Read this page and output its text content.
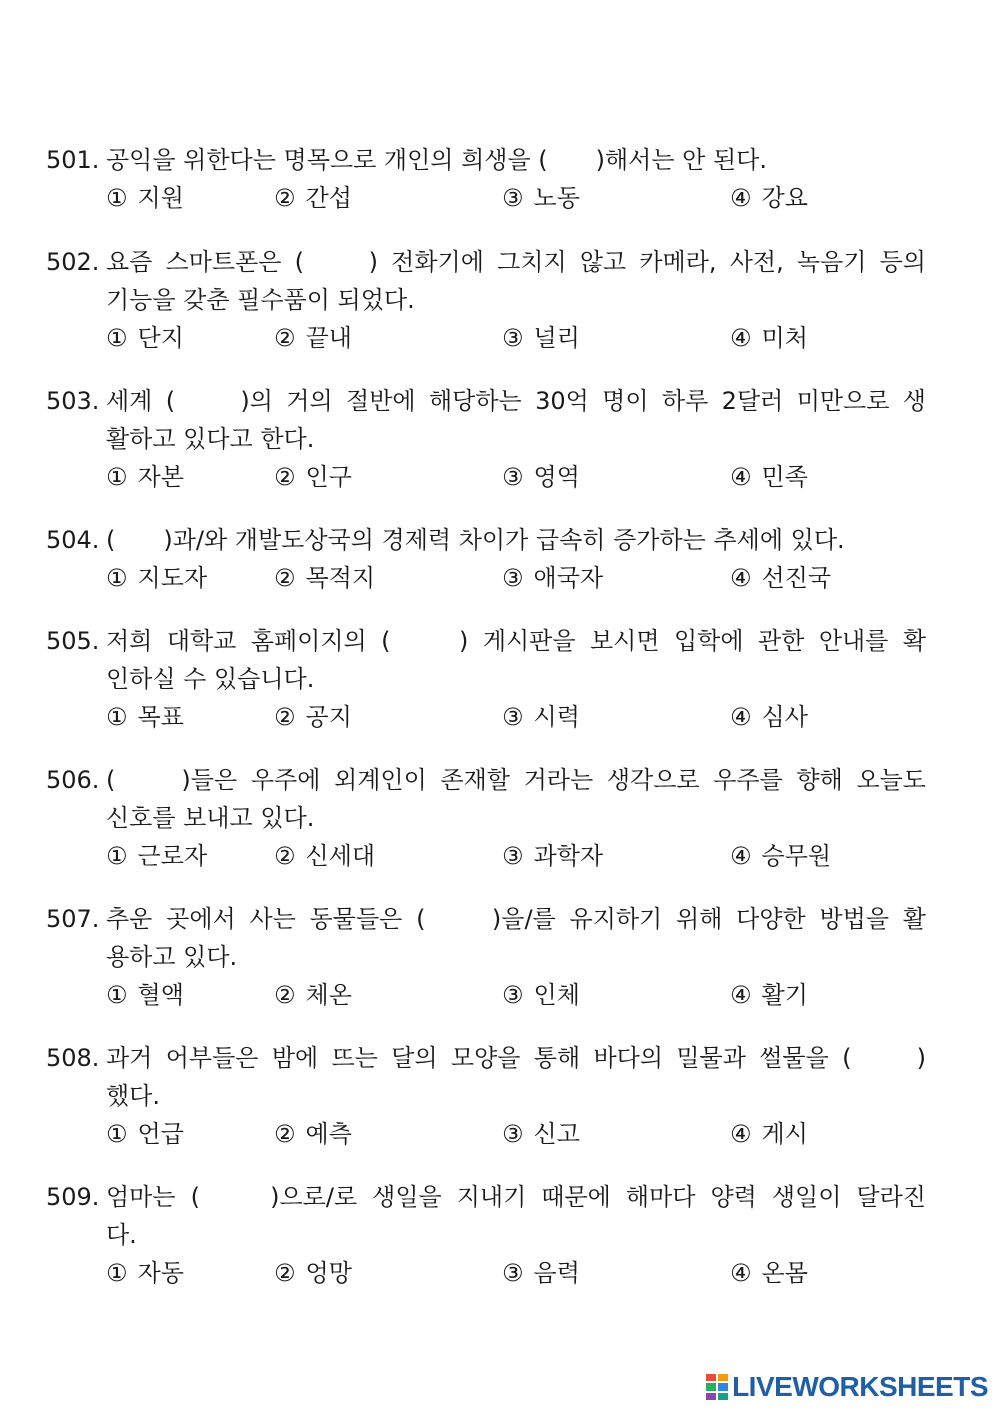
501. 공익을 위한다는 명목으로 개인의 희생을 (　　)해서는 안 된다.
① 지원	② 간섭	③ 노동	④ 강요
502. 요즘 스마트폰은 (　　) 전화기에 그치지 않고 카메라, 사전, 녹음기 등의
기능을 갖춘 필수품이 되었다.
① 단지	② 끝내	③ 널리	④ 미처
503. 세계 (　　)의 거의 절반에 해당하는 30억 명이 하루 2달러 미만으로 생
활하고 있다고 한다.
① 자본	② 인구	③ 영역	④ 민족
504. (　　)과/와 개발도상국의 경제력 차이가 급속히 증가하는 추세에 있다.
① 지도자	② 목적지	③ 애국자	④ 선진국
505. 저희 대학교 홈페이지의 (　　) 게시판을 보시면 입학에 관한 안내를 확
인하실 수 있습니다.
① 목표	② 공지	③ 시력	④ 심사
506. (　　)들은 우주에 외계인이 존재할 거라는 생각으로 우주를 향해 오늘도
신호를 보내고 있다.
① 근로자	② 신세대	③ 과학자	④ 승무원
507. 추운 곳에서 사는 동물들은 (　　)을/를 유지하기 위해 다양한 방법을 활
용하고 있다.
① 혈액	② 체온	③ 인체	④ 활기
508. 과거 어부들은 밤에 뜨는 달의 모양을 통해 바다의 밀물과 썰물을 (　　)
했다.
① 언급	② 예측	③ 신고	④ 게시
509. 엄마는 (　　)으로/로 생일을 지내기 때문에 해마다 양력 생일이 달라진
다.
① 자동	② 엉망	③ 음력	④ 온몸
LIVEWORKSHEETS
